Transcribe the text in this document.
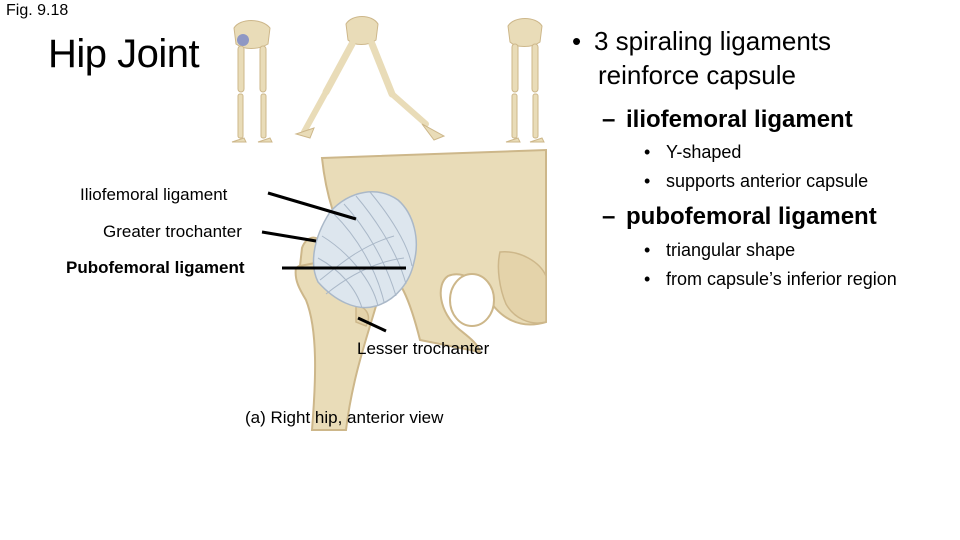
Fig. 9.18
Hip Joint
Iliofemoral ligament
Greater trochanter
Pubofemoral ligament
Lesser trochanter
(a) Right hip, anterior view
• 3 spiraling ligaments
reinforce capsule
– iliofemoral ligament
• Y-shaped
• supports anterior capsule
– pubofemoral ligament
• triangular shape
• from capsule’s inferior region
